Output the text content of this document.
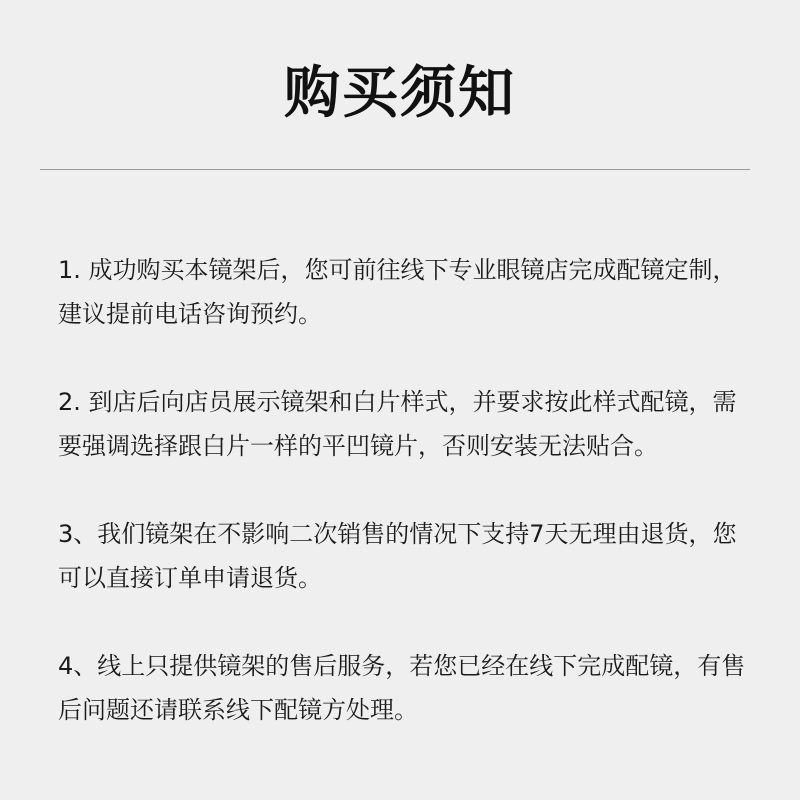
购买须知

1. 成功购买本镜架后，您可前往线下专业眼镜店完成配镜定制，建议提前电话咨询预约。

2. 到店后向店员展示镜架和白片样式，并要求按此样式配镜，需要强调选择跟白片一样的平凹镜片，否则安装无法贴合。

3、我们镜架在不影响二次销售的情况下支持7天无理由退货，您可以直接订单申请退货。

4、线上只提供镜架的售后服务，若您已经在线下完成配镜，有售后问题还请联系线下配镜方处理。
